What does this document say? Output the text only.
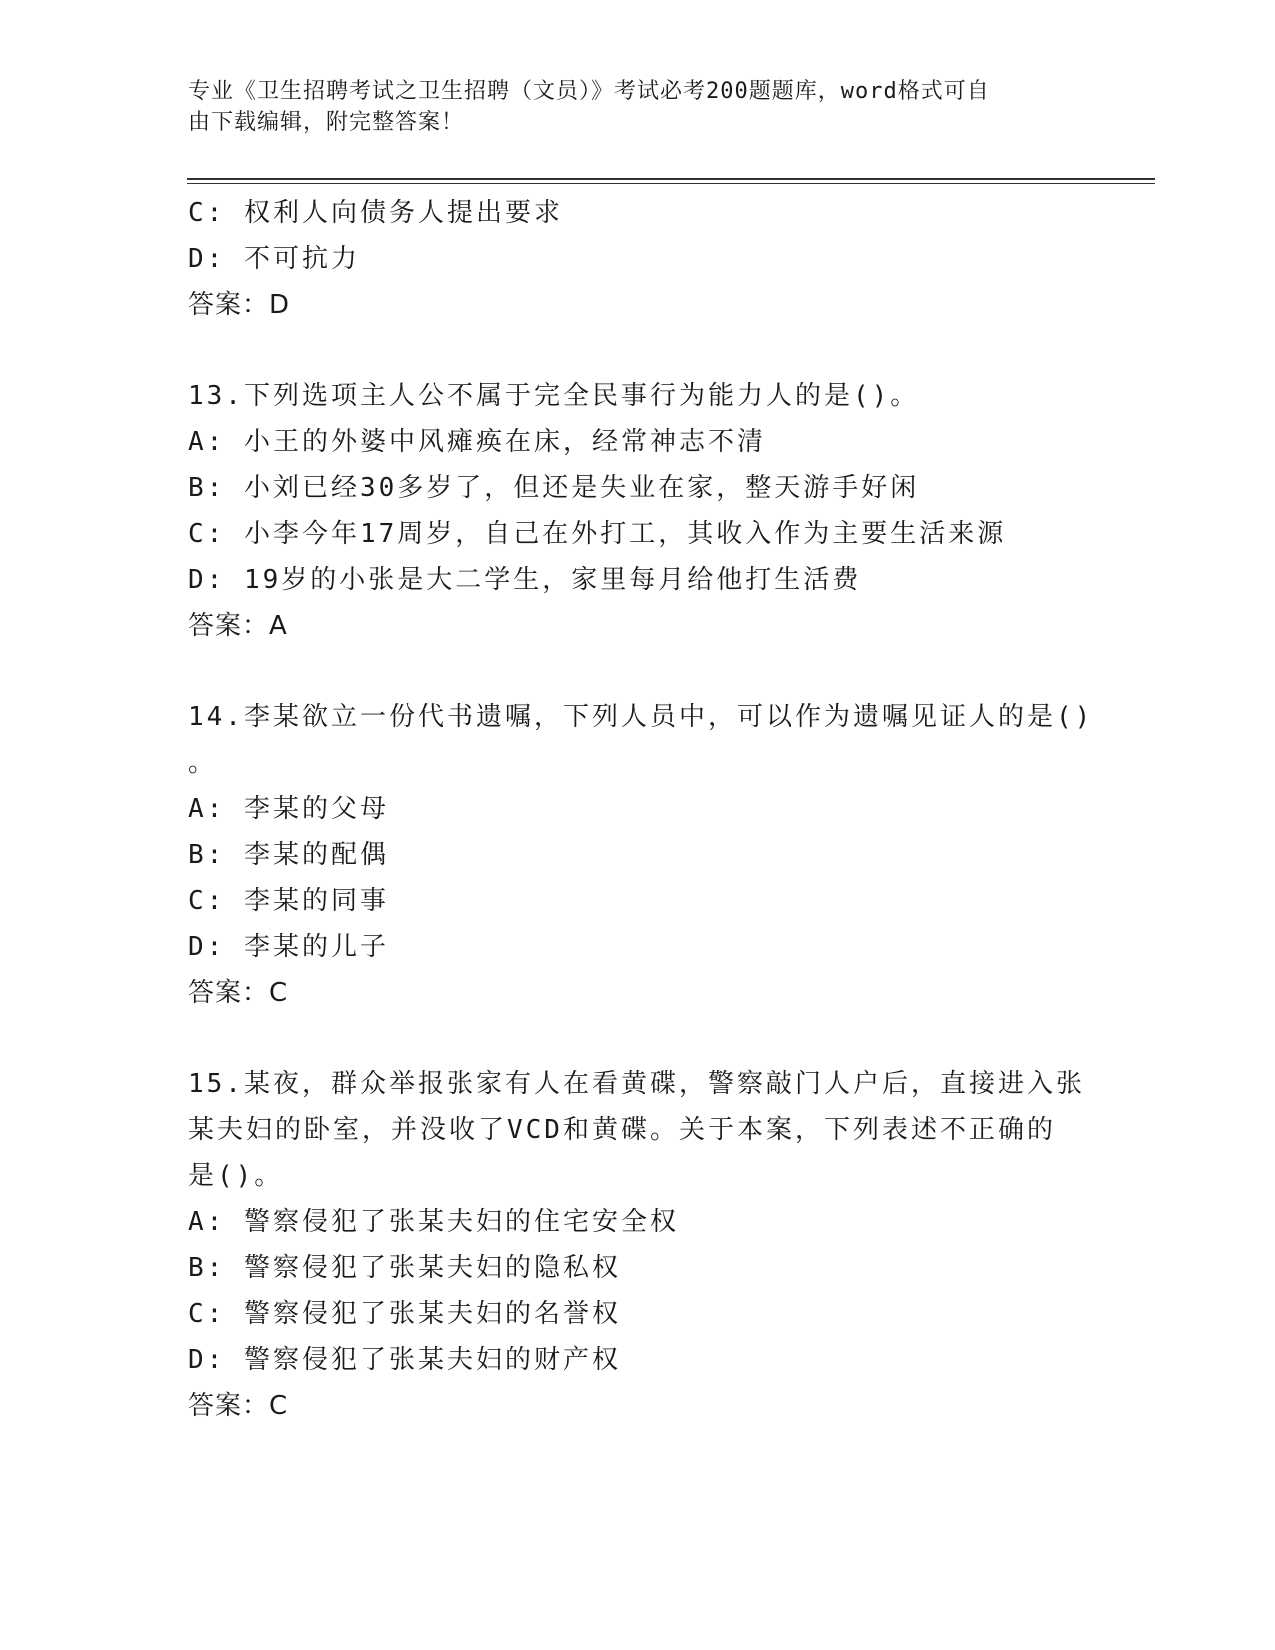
专业《卫生招聘考试之卫生招聘（文员）》考试必考200题题库，word格式可自
由下载编辑，附完整答案！
C: 权利人向债务人提出要求
D: 不可抗力
答案：D
13.下列选项主人公不属于完全民事行为能力人的是()。
A: 小王的外婆中风瘫痪在床，经常神志不清
B: 小刘已经30多岁了，但还是失业在家，整天游手好闲
C: 小李今年17周岁，自己在外打工，其收入作为主要生活来源
D: 19岁的小张是大二学生，家里每月给他打生活费
答案：A
14.李某欲立一份代书遗嘱，下列人员中，可以作为遗嘱见证人的是()
。
A: 李某的父母
B: 李某的配偶
C: 李某的同事
D: 李某的儿子
答案：C
15.某夜，群众举报张家有人在看黄碟，警察敲门人户后，直接进入张
某夫妇的卧室，并没收了VCD和黄碟。关于本案，下列表述不正确的
是()。
A: 警察侵犯了张某夫妇的住宅安全权
B: 警察侵犯了张某夫妇的隐私权
C: 警察侵犯了张某夫妇的名誉权
D: 警察侵犯了张某夫妇的财产权
答案：C
